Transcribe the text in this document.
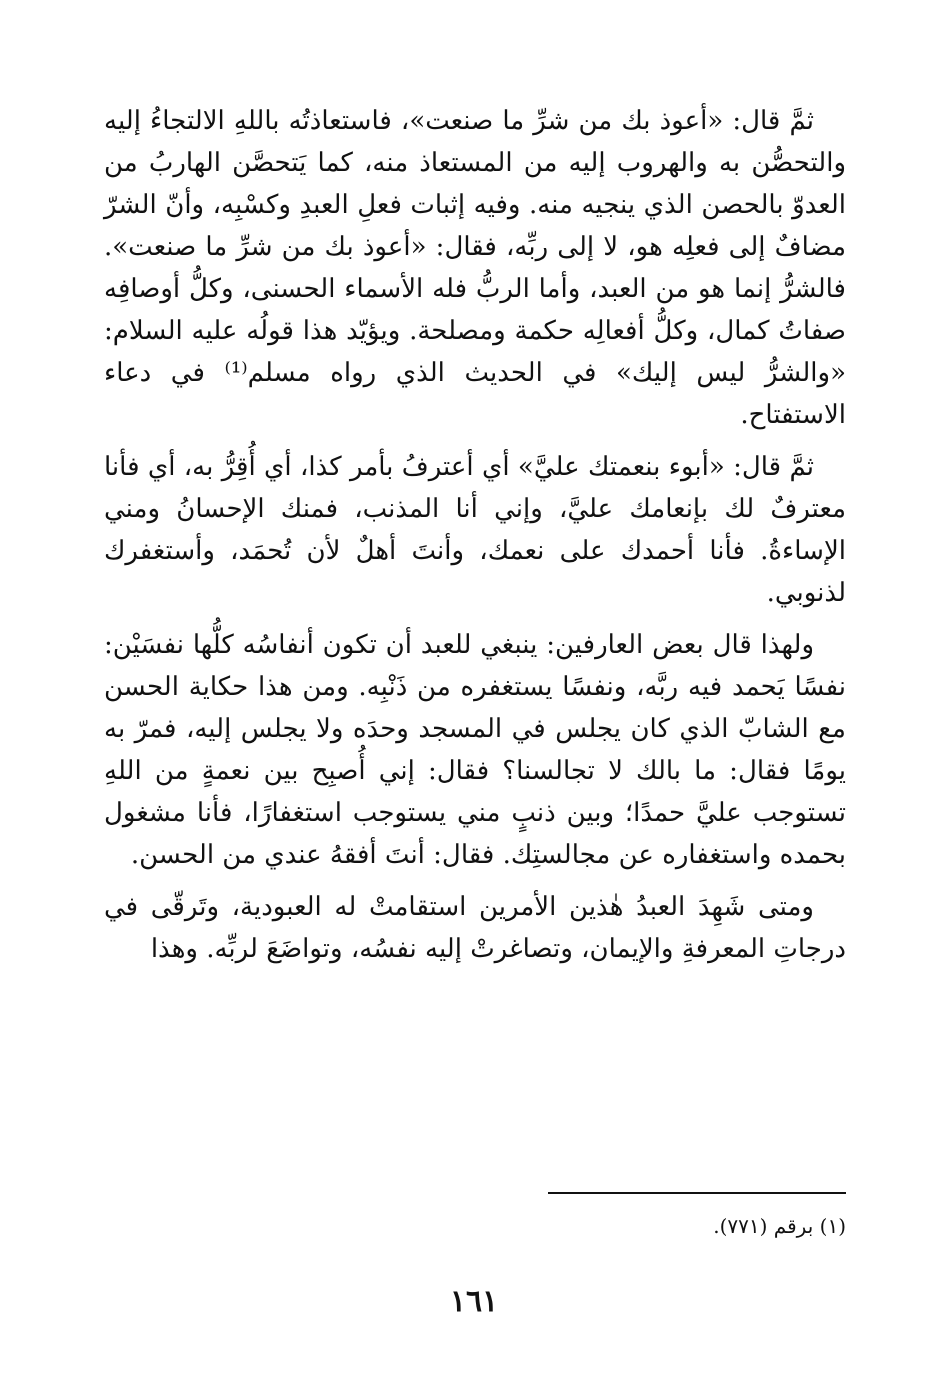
ثمَّ قال: «أعوذ بك من شرِّ ما صنعت»، فاستعاذتُه باللهِ الالتجاءُ إليه والتحصُّن به والهروب إليه من المستعاذ منه، كما يَتحصَّن الهاربُ من العدوّ بالحصن الذي ينجيه منه. وفيه إثبات فعلِ العبدِ وكسْبِه، وأنّ الشرّ مضافٌ إلى فعلِه هو، لا إلى ربِّه، فقال: «أعوذ بك من شرِّ ما صنعت». فالشرُّ إنما هو من العبد، وأما الربُّ فله الأسماء الحسنى، وكلُّ أوصافِه صفاتُ كمال، وكلُّ أفعالِه حكمة ومصلحة. ويؤيّد هذا قولُه عليه السلام: «والشرُّ ليس إليك» في الحديث الذي رواه مسلم⁽¹⁾ في دعاء الاستفتاح.

ثمَّ قال: «أبوء بنعمتك عليَّ» أي أعترفُ بأمر كذا، أي أُقِرُّ به، أي فأنا معترفٌ لك بإنعامك عليَّ، وإني أنا المذنب، فمنك الإحسانُ ومني الإساءةُ. فأنا أحمدك على نعمك، وأنتَ أهلٌ لأن تُحمَد، وأستغفرك لذنوبي.

ولهذا قال بعض العارفين: ينبغي للعبد أن تكون أنفاسُه كلُّها نفسَيْن: نفسًا يَحمد فيه ربَّه، ونفسًا يستغفره من ذَنْبِه. ومن هذا حكاية الحسن مع الشابّ الذي كان يجلس في المسجد وحدَه ولا يجلس إليه، فمرّ به يومًا فقال: ما بالك لا تجالسنا؟ فقال: إني أُصبِح بين نعمةٍ من اللهِ تستوجب عليَّ حمدًا؛ وبين ذنبٍ مني يستوجب استغفارًا، فأنا مشغول بحمده واستغفاره عن مجالستِك. فقال: أنتَ أفقهُ عندي من الحسن.

ومتى شَهِدَ العبدُ هٰذين الأمرين استقامتْ له العبودية، وتَرقّى في درجاتِ المعرفةِ والإيمان، وتصاغرتْ إليه نفسُه، وتواضَعَ لربِّه. وهذا

(١) برقم (٧٧١).
١٦١
